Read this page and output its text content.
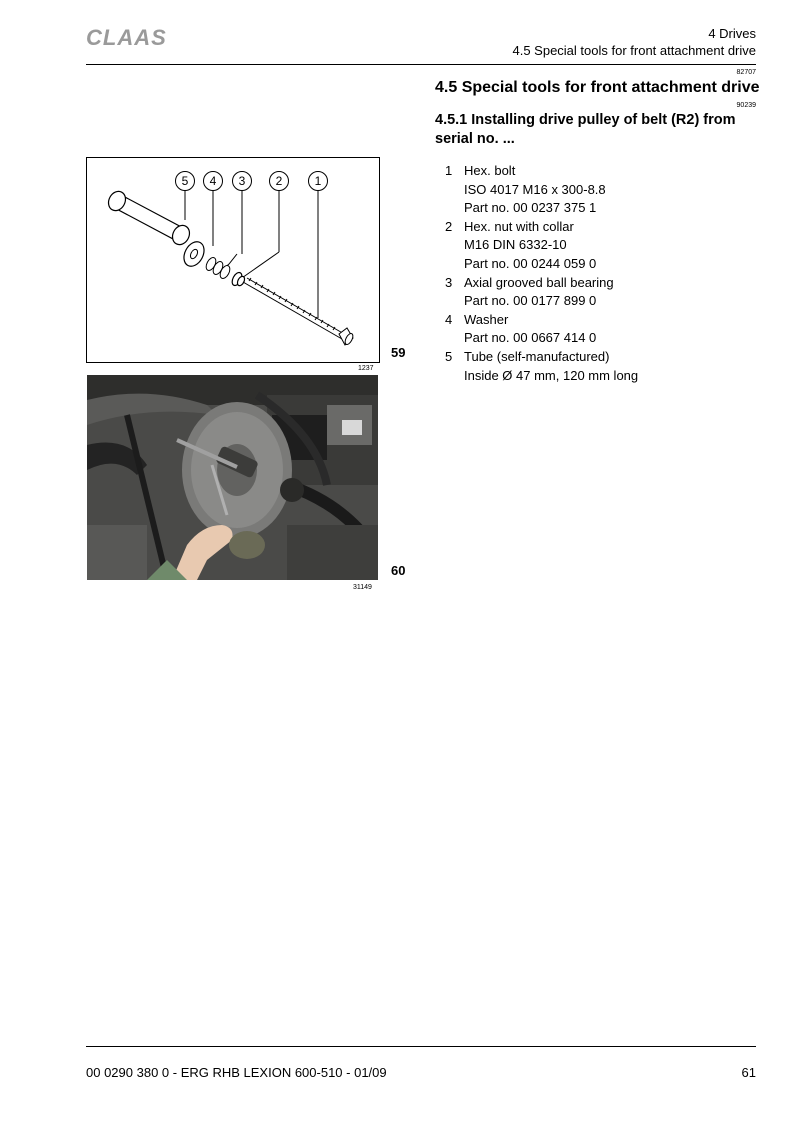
CLAAS	4 Drives
4.5 Special tools for front attachment drive
82707
4.5 Special tools for front attachment drive
90239
4.5.1 Installing drive pulley of belt (R2) from serial no. ...
1 Hex. bolt
ISO 4017 M16 x 300-8.8
Part no. 00 0237 375 1
2 Hex. nut with collar
M16 DIN 6332-10
Part no. 00 0244 059 0
3 Axial grooved ball bearing
Part no. 00 0177 899 0
4 Washer
Part no. 00 0667 414 0
5 Tube (self-manufactured)
Inside Ø 47 mm, 120 mm long
5 4 3	2	1
59
1237
60
31149
00 0290 380 0 - ERG RHB LEXION 600-510 - 01/09	61
